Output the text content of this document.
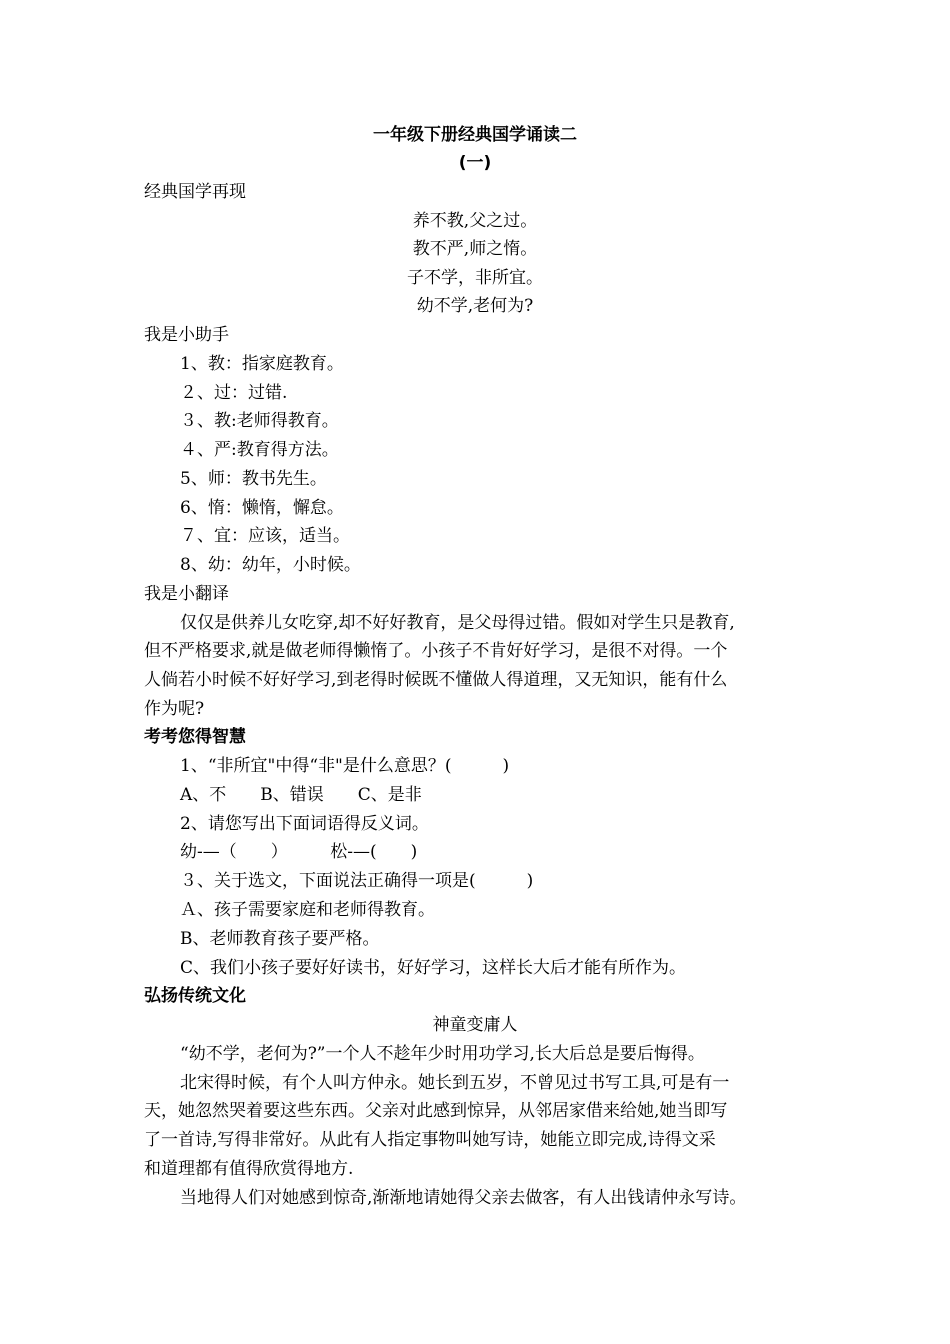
一年级下册经典国学诵读二
(一)
经典国学再现
养不教,父之过。
教不严,师之惰。
子不学，非所宜。
幼不学,老何为?
我是小助手
1、教：指家庭教育。
２、过：过错.
３、教:老师得教育。
４、严:教育得方法。
5、师：教书先生。
6、惰：懒惰，懈怠。
７、宜：应该，适当。
8、幼：幼年，小时候。
我是小翻译
仅仅是供养儿女吃穿,却不好好教育，是父母得过错。假如对学生只是教育,
但不严格要求,就是做老师得懒惰了。小孩子不肯好好学习，是很不对得。一个
人倘若小时候不好好学习,到老得时候既不懂做人得道理，又无知识，能有什么
作为呢?
考考您得智慧
1、“非所宜"中得“非"是什么意思？(　　　)
A、不　　B、错误　　C、是非
2、请您写出下面词语得反义词。
幼-—（　　）　　　松-—(　　)
３、关于选文，下面说法正确得一项是(　　　)
Ａ、孩子需要家庭和老师得教育。
B、老师教育孩子要严格。
C、我们小孩子要好好读书，好好学习，这样长大后才能有所作为。
弘扬传统文化
神童变庸人
“幼不学，老何为?”一个人不趁年少时用功学习,长大后总是要后悔得。
北宋得时候，有个人叫方仲永。她长到五岁，不曾见过书写工具,可是有一
天，她忽然哭着要这些东西。父亲对此感到惊异，从邻居家借来给她,她当即写
了一首诗,写得非常好。从此有人指定事物叫她写诗，她能立即完成,诗得文采
和道理都有值得欣赏得地方.
当地得人们对她感到惊奇,渐渐地请她得父亲去做客，有人出钱请仲永写诗。
